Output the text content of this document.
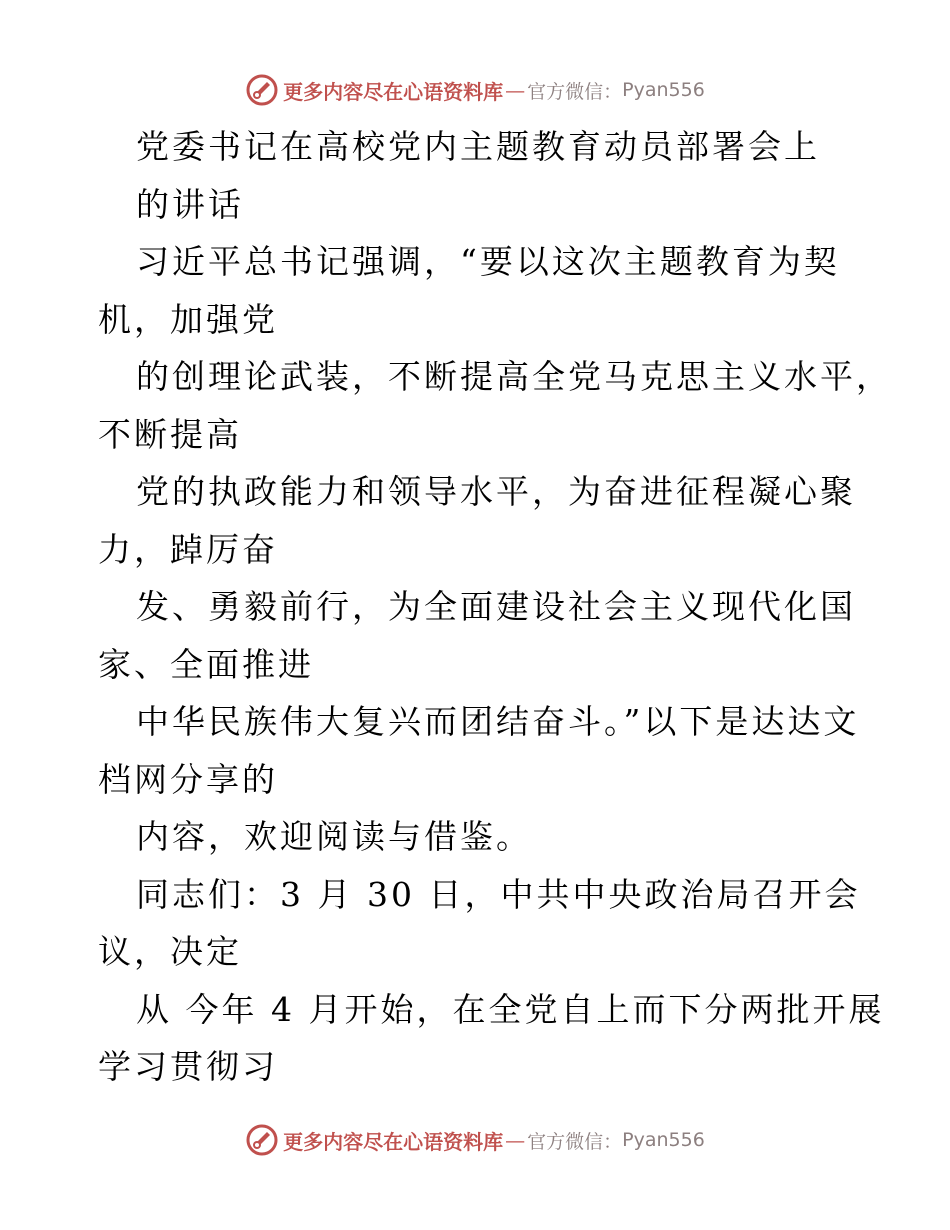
更多内容尽在心语资料库 — 官方微信： Pyan556
党委书记在高校党内主题教育动员部署会上
的讲话
习近平总书记强调，“要以这次主题教育为契
机，加强党
的创理论武装，不断提高全党马克思主义水平，
不断提高
党的执政能力和领导水平，为奋进征程凝心聚
力，踔厉奋
发、勇毅前行，为全面建设社会主义现代化国
家、全面推进
中华民族伟大复兴而团结奋斗。”以下是达达文
档网分享的
内容，欢迎阅读与借鉴。
同志们：3 月 30 日，中共中央政治局召开会
议，决定
从 今年 4 月开始，在全党自上而下分两批开展
学习贯彻习
更多内容尽在心语资料库 — 官方微信： Pyan556
